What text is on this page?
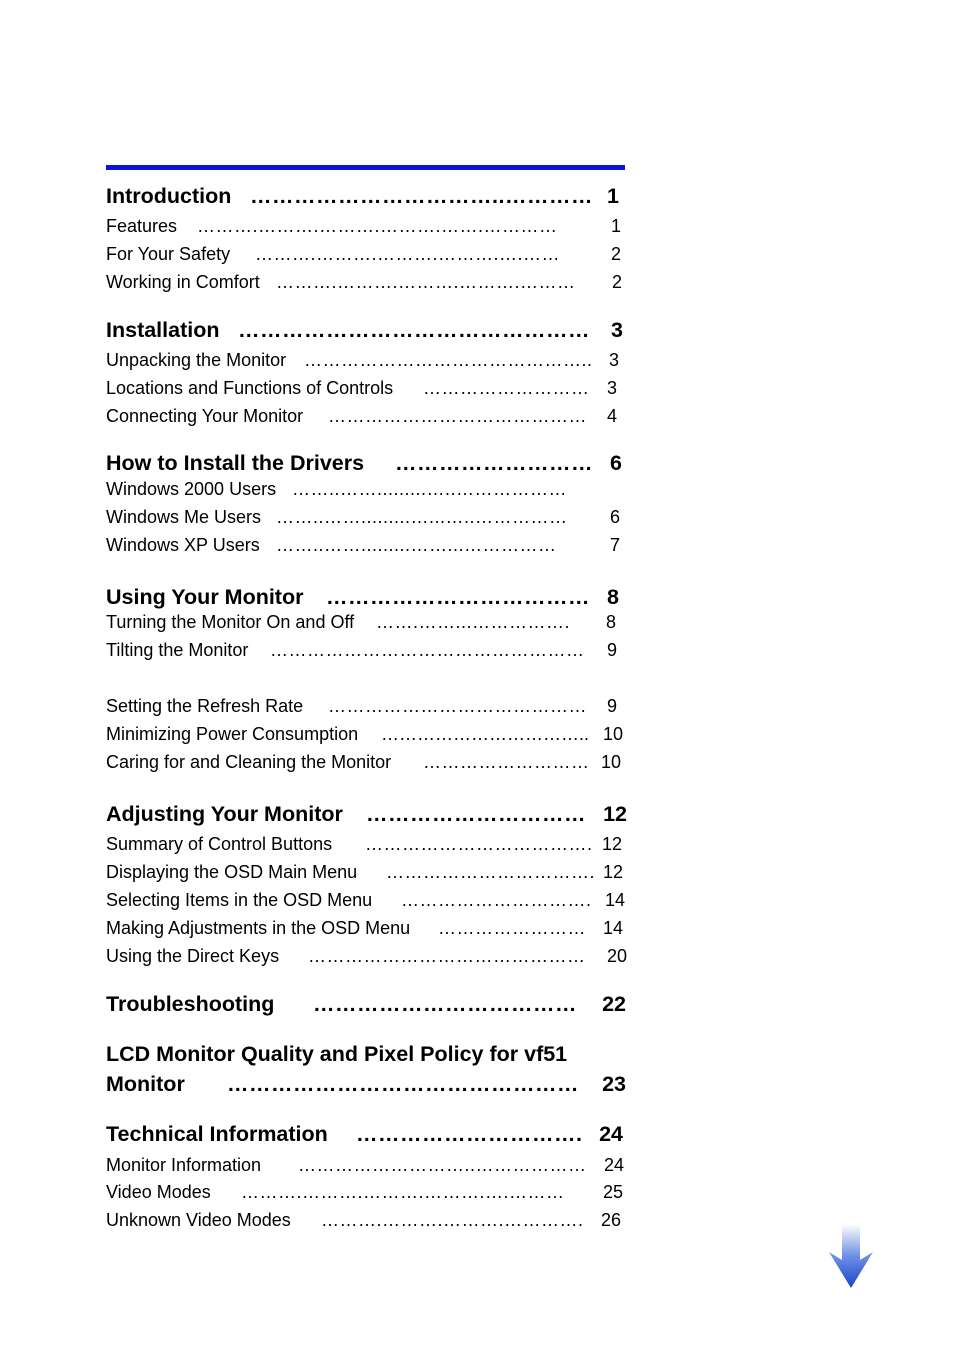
Introduction ……………………………..………… 1
Features ……….……….……….……….…….…………	1
For Your Safety ……….……….……….……….….……	2
Working in Comfort ……….……….……….……….……… 2
Installation ………………………………………… 3
Unpacking the Monitor ……………………………………….. 3
Locations and Functions of Controls ……………………… 3
Connecting Your Monitor …………………………………… 4
How to Install the Drivers ……………………… 6
Windows 2000 Users ……..…….........…..………………
Windows Me Users ……..…….........…...…..…………… 6
Windows XP Users ……..…….........……...……………	7
Using Your Monitor ……………………………… 8
Turning the Monitor On and Off …….……...……………. 8
Tilting the Monitor …………………………………………… 9
Setting the Refresh Rate …………………………………… 9
Minimizing Power Consumption …………………………….. 10
Caring for and Cleaning the Monitor ……………………… 10
Adjusting Your Monitor ………………………… 12
Summary of Control Buttons ………………………………. 12
Displaying the OSD Main Menu ……………………………. 12
Selecting Items in the OSD Menu …………………………. 14
Making Adjustments in the OSD Menu …………………… 14
Using the Direct Keys ……………………………………… 20
Troubleshooting ……………………………… 22
LCD Monitor Quality and Pixel Policy for vf51
Monitor ………………………………………… 23
Technical Information …………………………. 24
Monitor Information ………………………..……………… 24
Video Modes ……….……….……….……….….……… 25
Unknown Video Modes ……….……….……….…………. 26
